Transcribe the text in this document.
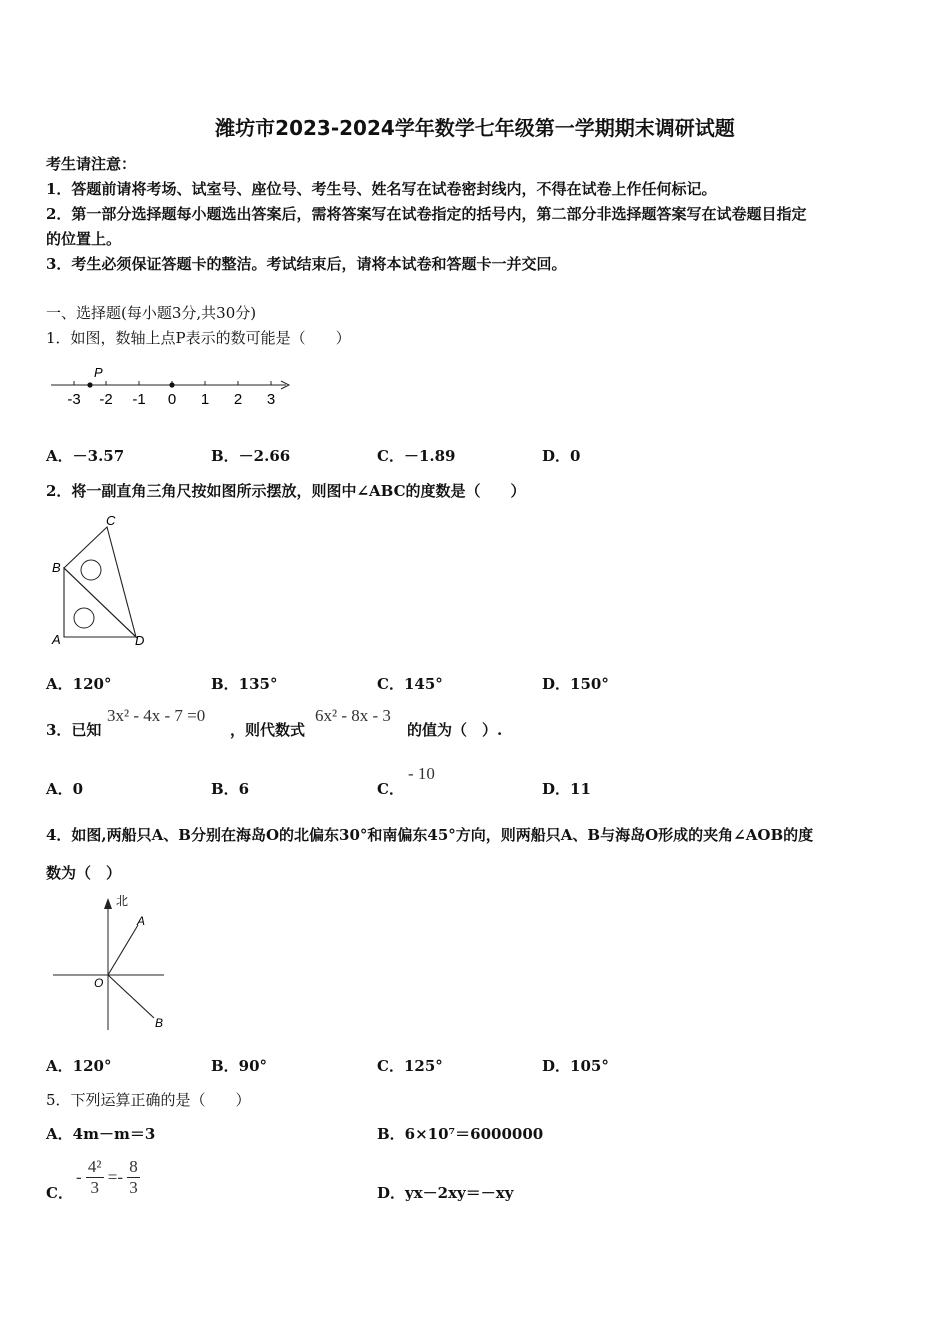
潍坊市2023-2024学年数学七年级第一学期期末调研试题
考生请注意：
1．答题前请将考场、试室号、座位号、考生号、姓名写在试卷密封线内，不得在试卷上作任何标记。
2．第一部分选择题每小题选出答案后，需将答案写在试卷指定的括号内，第二部分非选择题答案写在试卷题目指定
的位置上。
3．考生必须保证答题卡的整洁。考试结束后，请将本试卷和答题卡一并交回。
一、选择题(每小题3分,共30分)
1．如图，数轴上点P表示的数可能是（　　）
P
-3 -2 -1 0 1 2 3
A．－3.57	B．－2.66	C．－1.89	D．0
2．将一副直角三角尺按如图所示摆放，则图中∠ABC的度数是（　　）
C
B
A	D
A．120°	B．135°	C．145°	D．150°
3．已知
3x² - 4x - 7 =0
，则代数式
6x² - 8x - 3
的值为（　）.
A．0	B．6	C．
- 10
D．11
4．如图,两船只A、B分别在海岛O的北偏东30°和南偏东45°方向，则两船只A、B与海岛O形成的夹角∠AOB的度
数为（　）
北
A
O
B
A．120°	B．90°	C．125°	D．105°
5．下列运算正确的是（　　）
A．4m－m＝3	B．6×10⁷＝6000000
C．
- $\frac{\text{4²}}{3} =- \frac{8}{3}$	D．yx－2xy＝－xy
